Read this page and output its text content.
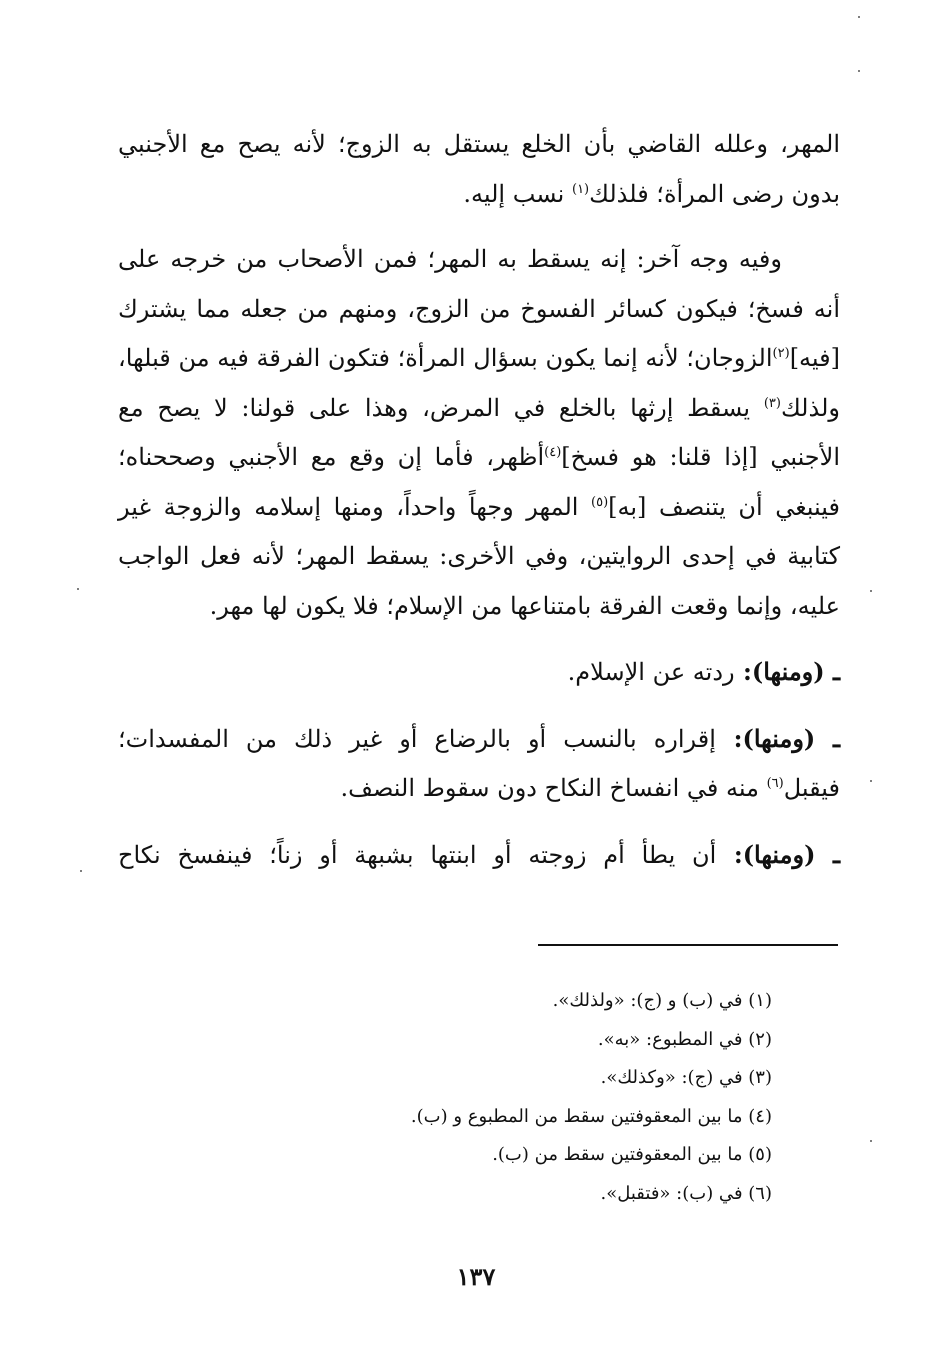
المهر، وعلله القاضي بأن الخلع يستقل به الزوج؛ لأنه يصح مع الأجنبي
بدون رضى المرأة؛ فلذلك$^{(١)}$ نسب إليه.

وفيه وجه آخر: إنه يسقط به المهر؛ فمن الأصحاب من خرجه على
أنه فسخ؛ فيكون كسائر الفسوخ من الزوج، ومنهم من جعله مما يشترك
[فيه]$^{(٢)}$الزوجان؛ لأنه إنما يكون بسؤال المرأة؛ فتكون الفرقة فيه من قبلها،
ولذلك$^{(٣)}$ يسقط إرثها بالخلع في المرض، وهذا على قولنا: لا يصح مع
الأجنبي [إذا قلنا: هو فسخ]$^{(٤)}$أظهر، فأما إن وقع مع الأجنبي وصححناه؛
فينبغي أن يتنصف [به]$^{(٥)}$ المهر وجهاً واحداً، ومنها إسلامه والزوجة غير
كتابية في إحدى الروايتين، وفي الأخرى: يسقط المهر؛ لأنه فعل الواجب
عليه، وإنما وقعت الفرقة بامتناعها من الإسلام؛ فلا يكون لها مهر.

ـ (ومنها): ردته عن الإسلام.

ـ (ومنها): إقراره بالنسب أو بالرضاع أو غير ذلك من المفسدات؛
فيقبل$^{(٦)}$ منه في انفساخ النكاح دون سقوط النصف.

ـ (ومنها): أن يطأ أم زوجته أو ابنتها بشبهة أو زناً؛ فينفسخ نكاح

(١) في (ب) و (ج): «ولذلك».
(٢) في المطبوع: «به».
(٣) في (ج): «وكذلك».
(٤) ما بين المعقوفتين سقط من المطبوع و (ب).
(٥) ما بين المعقوفتين سقط من (ب).
(٦) في (ب): «فتقبل».
١٣٧
